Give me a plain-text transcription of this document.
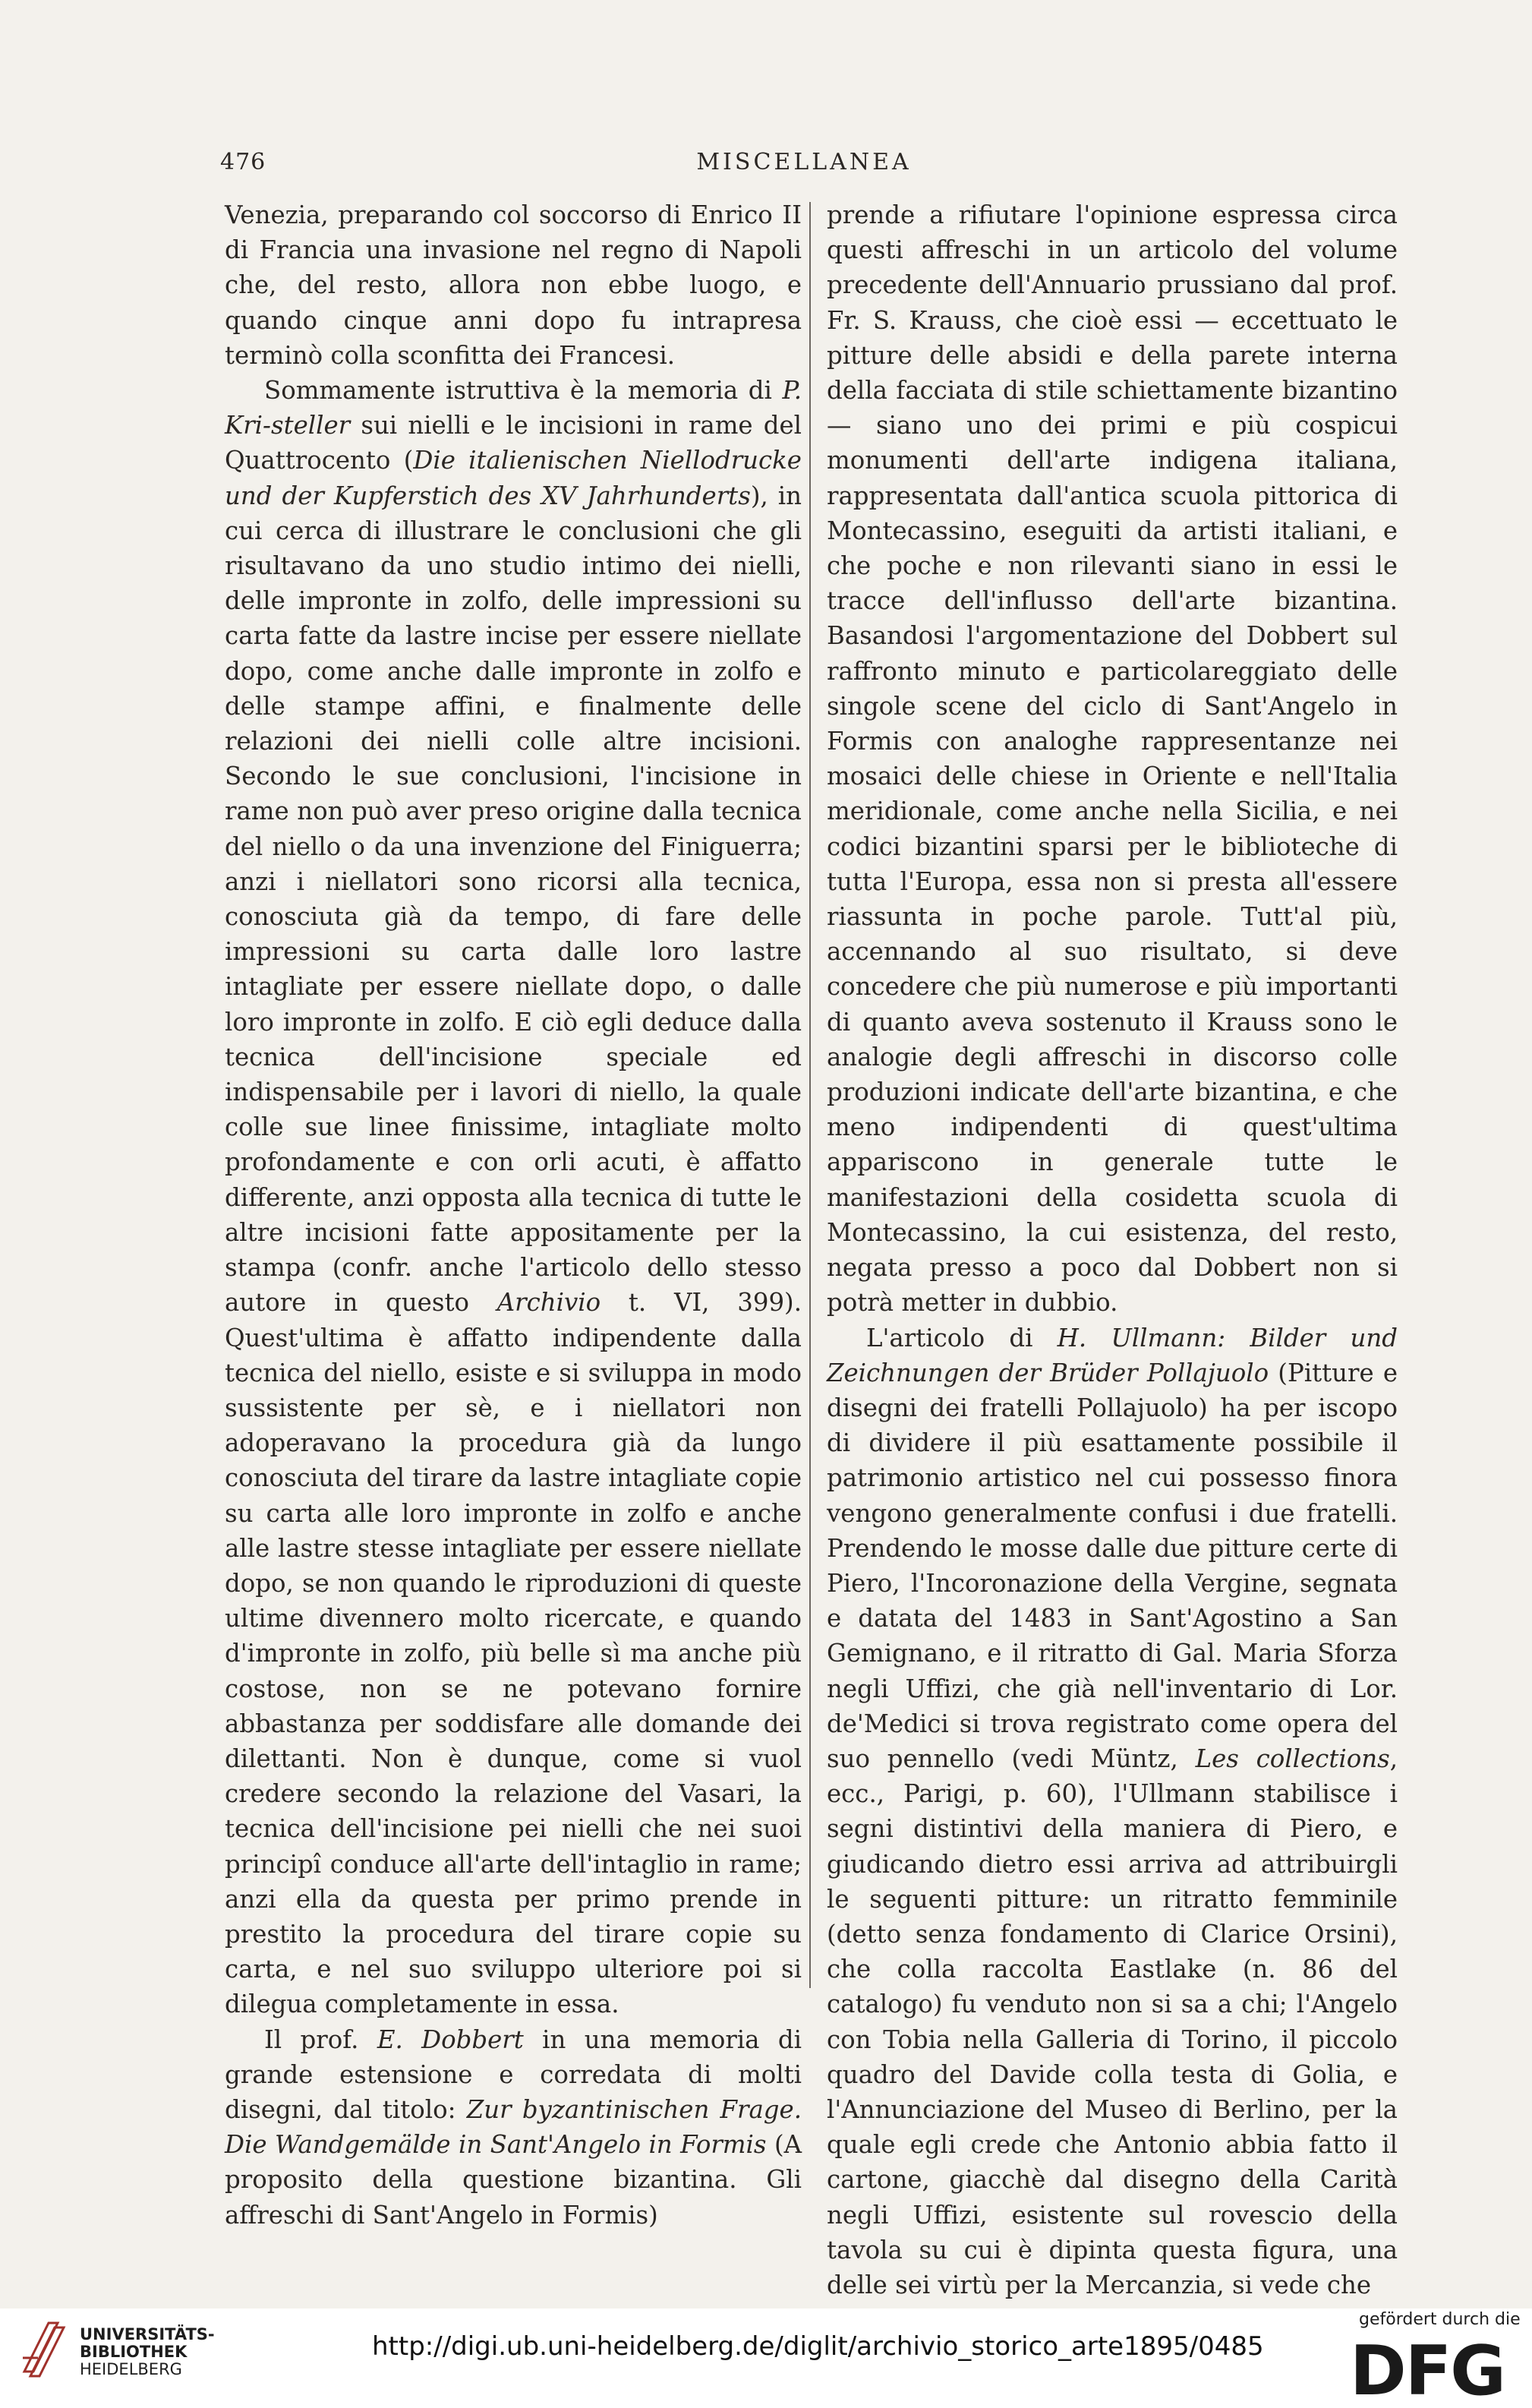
476	MISCELLANEA

Venezia, preparando col soccorso di Enrico II di Francia una invasione nel regno di Napoli che, del resto, allora non ebbe luogo, e quando cinque anni dopo fu intrapresa terminò colla sconfitta dei Francesi.

Sommamente istruttiva è la memoria di P. Kri-steller sui nielli e le incisioni in rame del Quattrocento (Die italienischen Niellodrucke und der Kupferstich des XV Jahrhunderts), in cui cerca di illustrare le conclusioni che gli risultavano da uno studio intimo dei nielli, delle impronte in zolfo, delle impressioni su carta fatte da lastre incise per essere niellate dopo, come anche dalle impronte in zolfo e delle stampe affini, e finalmente delle relazioni dei nielli colle altre incisioni. Secondo le sue conclusioni, l'incisione in rame non può aver preso origine dalla tecnica del niello o da una invenzione del Finiguerra; anzi i niellatori sono ricorsi alla tecnica, conosciuta già da tempo, di fare delle impressioni su carta dalle loro lastre intagliate per essere niellate dopo, o dalle loro impronte in zolfo. E ciò egli deduce dalla tecnica dell'incisione speciale ed indispensabile per i lavori di niello, la quale colle sue linee finissime, intagliate molto profondamente e con orli acuti, è affatto differente, anzi opposta alla tecnica di tutte le altre incisioni fatte appositamente per la stampa (confr. anche l'articolo dello stesso autore in questo Archivio t. VI, 399). Quest'ultima è affatto indipendente dalla tecnica del niello, esiste e si sviluppa in modo sussistente per sè, e i niellatori non adoperavano la procedura già da lungo conosciuta del tirare da lastre intagliate copie su carta alle loro impronte in zolfo e anche alle lastre stesse intagliate per essere niellate dopo, se non quando le riproduzioni di queste ultime divennero molto ricercate, e quando d'impronte in zolfo, più belle sì ma anche più costose, non se ne potevano fornire abbastanza per soddisfare alle domande dei dilettanti. Non è dunque, come si vuol credere secondo la relazione del Vasari, la tecnica dell'incisione pei nielli che nei suoi principî conduce all'arte dell'intaglio in rame; anzi ella da questa per primo prende in prestito la procedura del tirare copie su carta, e nel suo sviluppo ulteriore poi si dilegua completamente in essa.

Il prof. E. Dobbert in una memoria di grande estensione e corredata di molti disegni, dal titolo: Zur byzantinischen Frage. Die Wandgemälde in Sant'Angelo in Formis (A proposito della questione bizantina. Gli affreschi di Sant'Angelo in Formis)

prende a rifiutare l'opinione espressa circa questi affreschi in un articolo del volume precedente dell'Annuario prussiano dal prof. Fr. S. Krauss, che cioè essi — eccettuato le pitture delle absidi e della parete interna della facciata di stile schiettamente bizantino — siano uno dei primi e più cospicui monumenti dell'arte indigena italiana, rappresentata dall'antica scuola pittorica di Montecassino, eseguiti da artisti italiani, e che poche e non rilevanti siano in essi le tracce dell'influsso dell'arte bizantina. Basandosi l'argomentazione del Dobbert sul raffronto minuto e particolareggiato delle singole scene del ciclo di Sant'Angelo in Formis con analoghe rappresentanze nei mosaici delle chiese in Oriente e nell'Italia meridionale, come anche nella Sicilia, e nei codici bizantini sparsi per le biblioteche di tutta l'Europa, essa non si presta all'essere riassunta in poche parole. Tutt'al più, accennando al suo risultato, si deve concedere che più numerose e più importanti di quanto aveva sostenuto il Krauss sono le analogie degli affreschi in discorso colle produzioni indicate dell'arte bizantina, e che meno indipendenti di quest'ultima appariscono in generale tutte le manifestazioni della cosidetta scuola di Montecassino, la cui esistenza, del resto, negata presso a poco dal Dobbert non si potrà metter in dubbio.

L'articolo di H. Ullmann: Bilder und Zeichnungen der Brüder Pollajuolo (Pitture e disegni dei fratelli Pollajuolo) ha per iscopo di dividere il più esattamente possibile il patrimonio artistico nel cui possesso finora vengono generalmente confusi i due fratelli. Prendendo le mosse dalle due pitture certe di Piero, l'Incoronazione della Vergine, segnata e datata del 1483 in Sant'Agostino a San Gemignano, e il ritratto di Gal. Maria Sforza negli Uffizi, che già nell'inventario di Lor. de'Medici si trova registrato come opera del suo pennello (vedi Müntz, Les collections, ecc., Parigi, p. 60), l'Ullmann stabilisce i segni distintivi della maniera di Piero, e giudicando dietro essi arriva ad attribuirgli le seguenti pitture: un ritratto femminile (detto senza fondamento di Clarice Orsini), che colla raccolta Eastlake (n. 86 del catalogo) fu venduto non si sa a chi; l'Angelo con Tobia nella Galleria di Torino, il piccolo quadro del Davide colla testa di Golia, e l'Annunciazione del Museo di Berlino, per la quale egli crede che Antonio abbia fatto il cartone, giacchè dal disegno della Carità negli Uffizi, esistente sul rovescio della tavola su cui è dipinta questa figura, una delle sei virtù per la Mercanzia, si vede che

UNIVERSITÄTS-
BIBLIOTHEK
HEIDELBERG
http://digi.ub.uni-heidelberg.de/diglit/archivio_storico_arte1895/0485
gefördert durch die
DFG
